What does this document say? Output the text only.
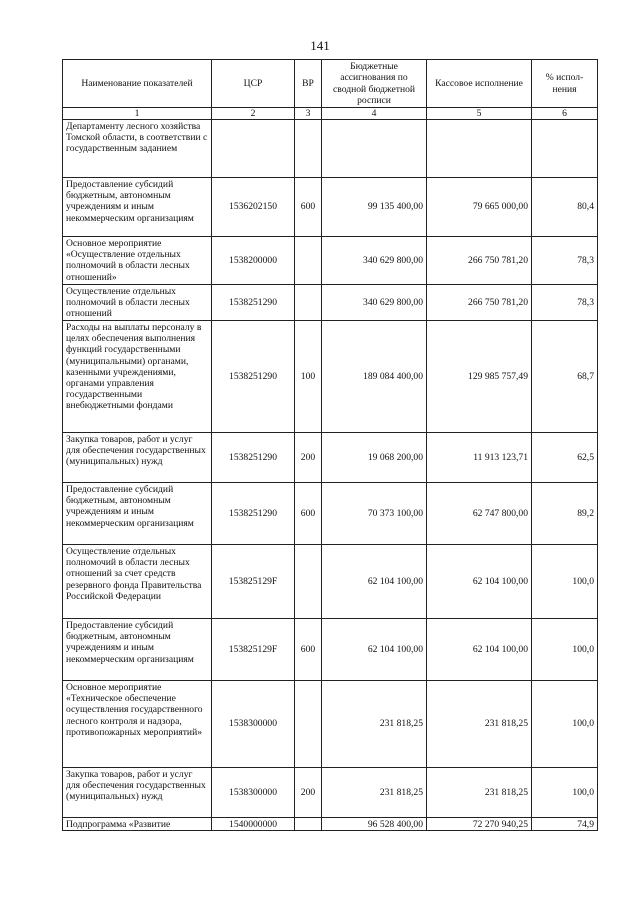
141
Наименование показателей	ЦСР	ВР	Бюджетные ассигнования по сводной бюджетной росписи	Кассовое исполнение	% испол-нения
1	2	3	4	5	6
Департаменту лесного хозяйства Томской области, в соответствии с государственным заданием					
Предоставление субсидий бюджетным, автономным учреждениям и иным некоммерческим организациям	1536202150	600	99 135 400,00	79 665 000,00	80,4
Основное мероприятие «Осуществление отдельных полномочий в области лесных отношений»	1538200000		340 629 800,00	266 750 781,20	78,3
Осуществление отдельных полномочий в области лесных отношений	1538251290		340 629 800,00	266 750 781,20	78,3
Расходы на выплаты персоналу в целях обеспечения выполнения функций государственными (муниципальными) органами, казенными учреждениями, органами управления государственными внебюджетными фондами	1538251290	100	189 084 400,00	129 985 757,49	68,7
Закупка товаров, работ и услуг для обеспечения государственных (муниципальных) нужд	1538251290	200	19 068 200,00	11 913 123,71	62,5
Предоставление субсидий бюджетным, автономным учреждениям и иным некоммерческим организациям	1538251290	600	70 373 100,00	62 747 800,00	89,2
Осуществление отдельных полномочий в области лесных отношений за счет средств резервного фонда Правительства Российской Федерации	153825129F		62 104 100,00	62 104 100,00	100,0
Предоставление субсидий бюджетным, автономным учреждениям и иным некоммерческим организациям	153825129F	600	62 104 100,00	62 104 100,00	100,0
Основное мероприятие «Техническое обеспечение осуществления государственного лесного контроля и надзора, противопожарных мероприятий»	1538300000		231 818,25	231 818,25	100,0
Закупка товаров, работ и услуг для обеспечения государственных (муниципальных) нужд	1538300000	200	231 818,25	231 818,25	100,0
Подпрограмма «Развитие	1540000000		96 528 400,00	72 270 940,25	74,9
